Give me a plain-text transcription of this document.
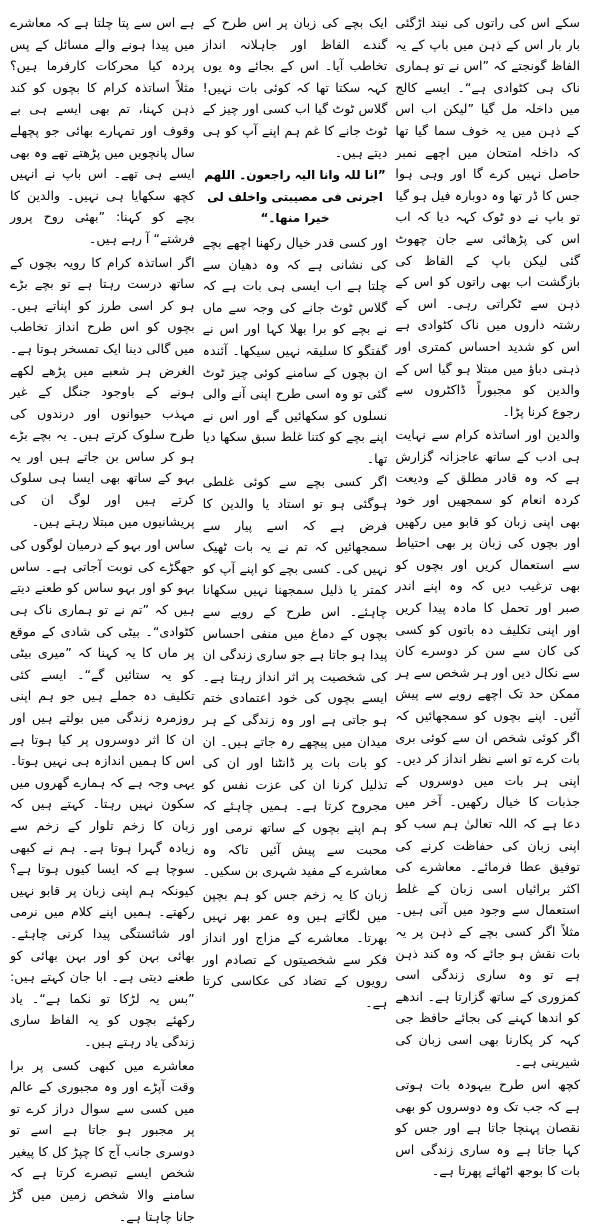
سکے اس کی راتوں کی نیند اڑگئی بار بار اس کے ذہن میں باپ کے یہ الفاظ گونجتے کہ ”اس نے تو ہماری ناک ہی کٹوادی ہے“۔ ایسے کالج میں داخلہ مل گیا ”لیکن اب اس کے ذہن میں یہ خوف سما گیا تھا کہ داخلہ امتحان میں اچھے نمبر حاصل نہیں کرے گا اور وہی ہوا جس کا ڈر تھا وہ دوبارہ فیل ہو گیا تو باپ نے دو ٹوک کہہ دیا کہ اب اس کی پڑھائی سے جان چھوٹ گئی لیکن باپ کے الفاظ کی بازگشت اب بھی راتوں کو اس کے ذہن سے ٹکراتی رہی۔ اس کے رشتہ داروں میں ناک کٹوادی ہے اس کو شدید احساس کمتری اور ذہنی دباؤ میں مبتلا ہو گیا اس کے والدین کو مجبوراً ڈاکٹروں سے رجوع کرنا پڑا۔

والدین اور اساتذہ کرام سے نہایت ہی ادب کے ساتھ عاجزانہ گزارش ہے کہ وہ قادر مطلق کے ودیعت کردہ انعام کو سمجھیں اور خود بھی اپنی زبان کو قابو میں رکھیں اور بچوں کی زبان پر بھی احتیاط سے استعمال کریں اور بچوں کو بھی ترغیب دیں کہ وہ اپنے اندر صبر اور تحمل کا مادہ پیدا کریں اور اپنی تکلیف دہ باتوں کو کسی کی کان سے سن کر دوسرے کان سے نکال دیں اور ہر شخص سے ہر ممکن حد تک اچھے رویے سے پیش آئیں۔ اپنے بچوں کو سمجھائیں کہ اگر کوئی شخص ان سے کوئی بری بات کرے تو اسے نظر انداز کر دیں۔ اپنی ہر بات میں دوسروں کے جذبات کا خیال رکھیں۔ آخر میں دعا ہے کہ اللہ تعالیٰ ہم سب کو اپنی زبان کی حفاظت کرنے کی توفیق عطا فرمائے۔ معاشرے کی اکثر برائیاں اسی زبان کے غلط استعمال سے وجود میں آتی ہیں۔ مثلاً اگر کسی بچے کے ذہن پر یہ بات نقش ہو جائے کہ وہ کند ذہن ہے تو وہ ساری زندگی اسی کمزوری کے ساتھ گزارتا ہے۔ اندھے کو اندھا کہنے کی بجائے حافظ جی کہہ کر پکارنا بھی اسی زبان کی شیرینی ہے۔

کچھ اس طرح بیہودہ بات ہوتی ہے کہ جب تک وہ دوسروں کو بھی نقصان پہنچا جاتا ہے اور جس کو کہا جاتا ہے وہ ساری زندگی اس بات کا بوجھ اٹھائے پھرتا ہے۔

ایک بچے کی زبان پر اس طرح کے گندے الفاظ اور جاہلانہ انداز تخاطب آیا۔ اس کے بجائے وہ یوں کہہ سکتا تھا کہ کوئی بات نہیں! گلاس ٹوٹ گیا اب کسی اور چیز کے ٹوٹ جانے کا غم ہم اپنے آپ کو ہی دیتے ہیں۔

”انا للہ وانا الیہ راجعون۔ اللھم اجرنی فی مصیبتی واخلف لی خیرا منھا۔“

اور کسی قدر خیال رکھنا اچھے بچے کی نشانی ہے کہ وہ دھیان سے چلتا ہے اب ایسی ہی بات ہے کہ گلاس ٹوٹ جانے کی وجہ سے ماں نے بچے کو برا بھلا کہا اور اس نے گفتگو کا سلیقہ نہیں سیکھا۔ آئندہ ان بچوں کے سامنے کوئی چیز ٹوٹ گئی تو وہ اسی طرح اپنی آنے والی نسلوں کو سکھائیں گے اور اس نے اپنے بچے کو کتنا غلط سبق سکھا دیا تھا۔

اگر کسی بچے سے کوئی غلطی ہوگئی ہو تو استاد یا والدین کا فرض ہے کہ اسے پیار سے سمجھائیں کہ تم نے یہ بات ٹھیک نہیں کی۔ کسی بچے کو اپنے آپ کو کمتر یا ذلیل سمجھنا نہیں سکھانا چاہئے۔ اس طرح کے رویے سے بچوں کے دماغ میں منفی احساس پیدا ہو جاتا ہے جو ساری زندگی ان کی شخصیت پر اثر انداز رہتا ہے۔ ایسے بچوں کی خود اعتمادی ختم ہو جاتی ہے اور وہ زندگی کے ہر میدان میں پیچھے رہ جاتے ہیں۔ ان کو بات بات پر ڈانٹنا اور ان کی تذلیل کرنا ان کی عزت نفس کو مجروح کرتا ہے۔ ہمیں چاہئے کہ ہم اپنے بچوں کے ساتھ نرمی اور محبت سے پیش آئیں تاکہ وہ معاشرے کے مفید شہری بن سکیں۔

زبان کا یہ زخم جس کو ہم بچپن میں لگاتے ہیں وہ عمر بھر نہیں بھرتا۔ معاشرے کے مزاج اور انداز فکر سے شخصیتوں کے تصادم اور رویوں کے تضاد کی عکاسی کرتا ہے۔

ہے اس سے پتا چلتا ہے کہ معاشرے میں پیدا ہونے والے مسائل کے پس پردہ کیا محرکات کارفرما ہیں؟ مثلاً اساتذہ کرام کا بچوں کو کند ذہن کہنا، تم بھی ایسے ہی بے وقوف اور تمہارے بھائی جو پچھلے سال پانچویں میں پڑھتے تھے وہ بھی ایسے ہی تھے۔ اس باپ نے انہیں کچھ سکھایا ہی نہیں۔ والدین کا بچے کو کہنا: ”بھئی روح پرور فرشتے“ آ رہے ہیں۔

اگر اساتذہ کرام کا رویہ بچوں کے ساتھ درست رہتا ہے تو بچے بڑے ہو کر اسی طرز کو اپناتے ہیں۔ بچوں کو اس طرح انداز تخاطب میں گالی دینا ایک تمسخر ہوتا ہے۔ الغرض ہر شعبے میں پڑھے لکھے ہونے کے باوجود جنگل کے غیر مہذب حیوانوں اور درندوں کی طرح سلوک کرتے ہیں۔ یہ بچے بڑے ہو کر ساس بن جاتے ہیں اور یہ بہو کے ساتھ بھی ایسا ہی سلوک کرتے ہیں اور لوگ ان کی پریشانیوں میں مبتلا رہتے ہیں۔

ساس اور بہو کے درمیان لوگوں کی جھگڑے کی نوبت آجاتی ہے۔ ساس بہو کو اور بہو ساس کو طعنے دیتے ہیں کہ ”تم نے تو ہماری ناک ہی کٹوادی“۔ بیٹی کی شادی کے موقع پر ماں کا یہ کہنا کہ ”میری بیٹی کو یہ ستائیں گے“۔ ایسے کئی تکلیف دہ جملے ہیں جو ہم اپنی روزمرہ زندگی میں بولتے ہیں اور ان کا اثر دوسروں پر کیا ہوتا ہے اس کا ہمیں اندازہ ہی نہیں ہوتا۔ یہی وجہ ہے کہ ہمارے گھروں میں سکون نہیں رہتا۔ کہتے ہیں کہ زبان کا زخم تلوار کے زخم سے زیادہ گہرا ہوتا ہے۔ ہم نے کبھی سوچا ہے کہ ایسا کیوں ہوتا ہے؟ کیونکہ ہم اپنی زبان پر قابو نہیں رکھتے۔ ہمیں اپنے کلام میں نرمی اور شائستگی پیدا کرنی چاہئے۔ بھائی بہن کو اور بہن بھائی کو طعنے دیتی ہے۔ ابا جان کہتے ہیں: ”بس یہ لڑکا تو نکما ہے“۔ یاد رکھئے بچوں کو یہ الفاظ ساری زندگی یاد رہتے ہیں۔

معاشرے میں کبھی کسی پر برا وقت آپڑے اور وہ مجبوری کے عالم میں کسی سے سوال دراز کرے تو پر مجبور ہو جاتا ہے اسے تو دوسری جانب آج کا چپڑ کل کا پیغیر شخص ایسے تبصرے کرتا ہے کہ سامنے والا شخص زمین میں گڑ جانا چاہتا ہے۔
